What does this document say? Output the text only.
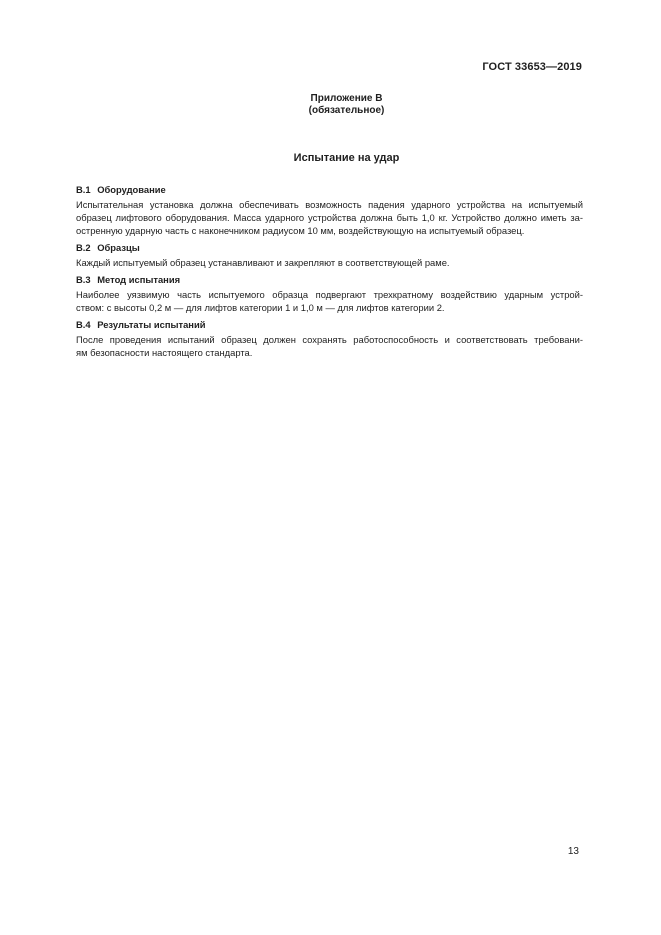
ГОСТ 33653—2019
Приложение В
(обязательное)
Испытание на удар
В.1 Оборудование
Испытательная установка должна обеспечивать возможность падения ударного устройства на испытуемый
образец лифтового оборудования. Масса ударного устройства должна быть 1,0 кг. Устройство должно иметь за-
остренную ударную часть с наконечником радиусом 10 мм, воздействующую на испытуемый образец.
В.2 Образцы
Каждый испытуемый образец устанавливают и закрепляют в соответствующей раме.
В.3 Метод испытания
Наиболее уязвимую часть испытуемого образца подвергают трехкратному воздействию ударным устрой-
ством: с высоты 0,2 м — для лифтов категории 1 и 1,0 м — для лифтов категории 2.
В.4 Результаты испытаний
После проведения испытаний образец должен сохранять работоспособность и соответствовать требовани-
ям безопасности настоящего стандарта.
13
